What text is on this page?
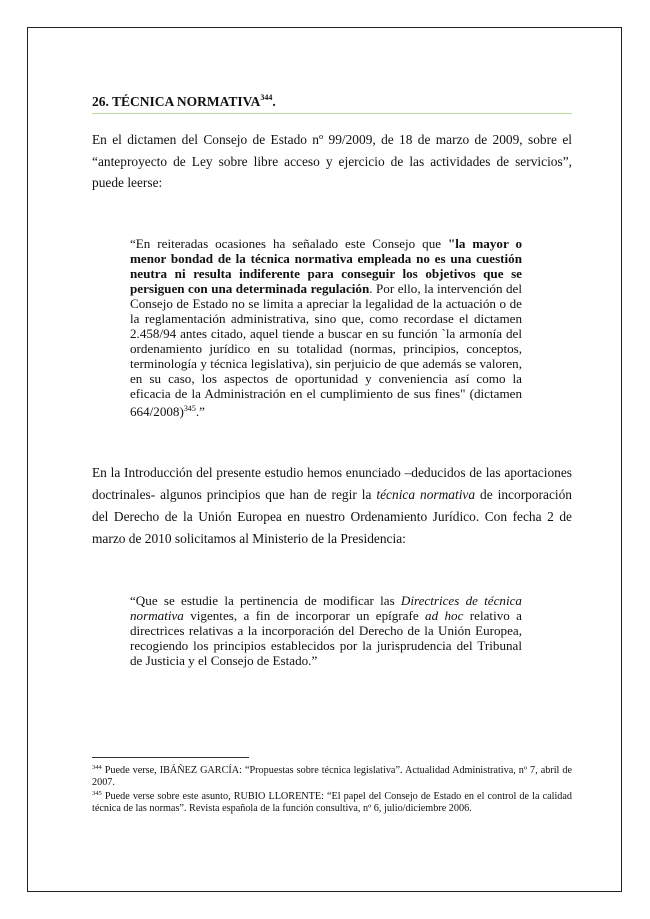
26. TÉCNICA NORMATIVA$^{344}$.
En el dictamen del Consejo de Estado nº 99/2009, de 18 de marzo de 2009, sobre el “anteproyecto de Ley sobre libre acceso y ejercicio de las actividades de servicios”, puede leerse:
“En reiteradas ocasiones ha señalado este Consejo que "la mayor o menor bondad de la técnica normativa empleada no es una cuestión neutra ni resulta indiferente para conseguir los objetivos que se persiguen con una determinada regulación. Por ello, la intervención del Consejo de Estado no se limita a apreciar la legalidad de la actuación o de la reglamentación administrativa, sino que, como recordase el dictamen 2.458/94 antes citado, aquel tiende a buscar en su función `la armonía del ordenamiento jurídico en su totalidad (normas, principios, conceptos, terminología y técnica legislativa), sin perjuicio de que además se valoren, en su caso, los aspectos de oportunidad y conveniencia así como la eficacia de la Administración en el cumplimiento de sus fines" (dictamen 664/2008)$^{345}$.”
En la Introducción del presente estudio hemos enunciado –deducidos de las aportaciones doctrinales- algunos principios que han de regir la técnica normativa de incorporación del Derecho de la Unión Europea en nuestro Ordenamiento Jurídico. Con fecha 2 de marzo de 2010 solicitamos al Ministerio de la Presidencia:
“Que se estudie la pertinencia de modificar las Directrices de técnica normativa vigentes, a fin de incorporar un epígrafe ad hoc relativo a directrices relativas a la incorporación del Derecho de la Unión Europea, recogiendo los principios establecidos por la jurisprudencia del Tribunal de Justicia y el Consejo de Estado.”
$^{344}$ Puede verse, IBÁÑEZ GARCÍA: “Propuestas sobre técnica legislativa”. Actualidad Administrativa, nº 7, abril de 2007.
$^{345}$ Puede verse sobre este asunto, RUBIO LLORENTE: “El papel del Consejo de Estado en el control de la calidad técnica de las normas”. Revista española de la función consultiva, nº 6, julio/diciembre 2006.
